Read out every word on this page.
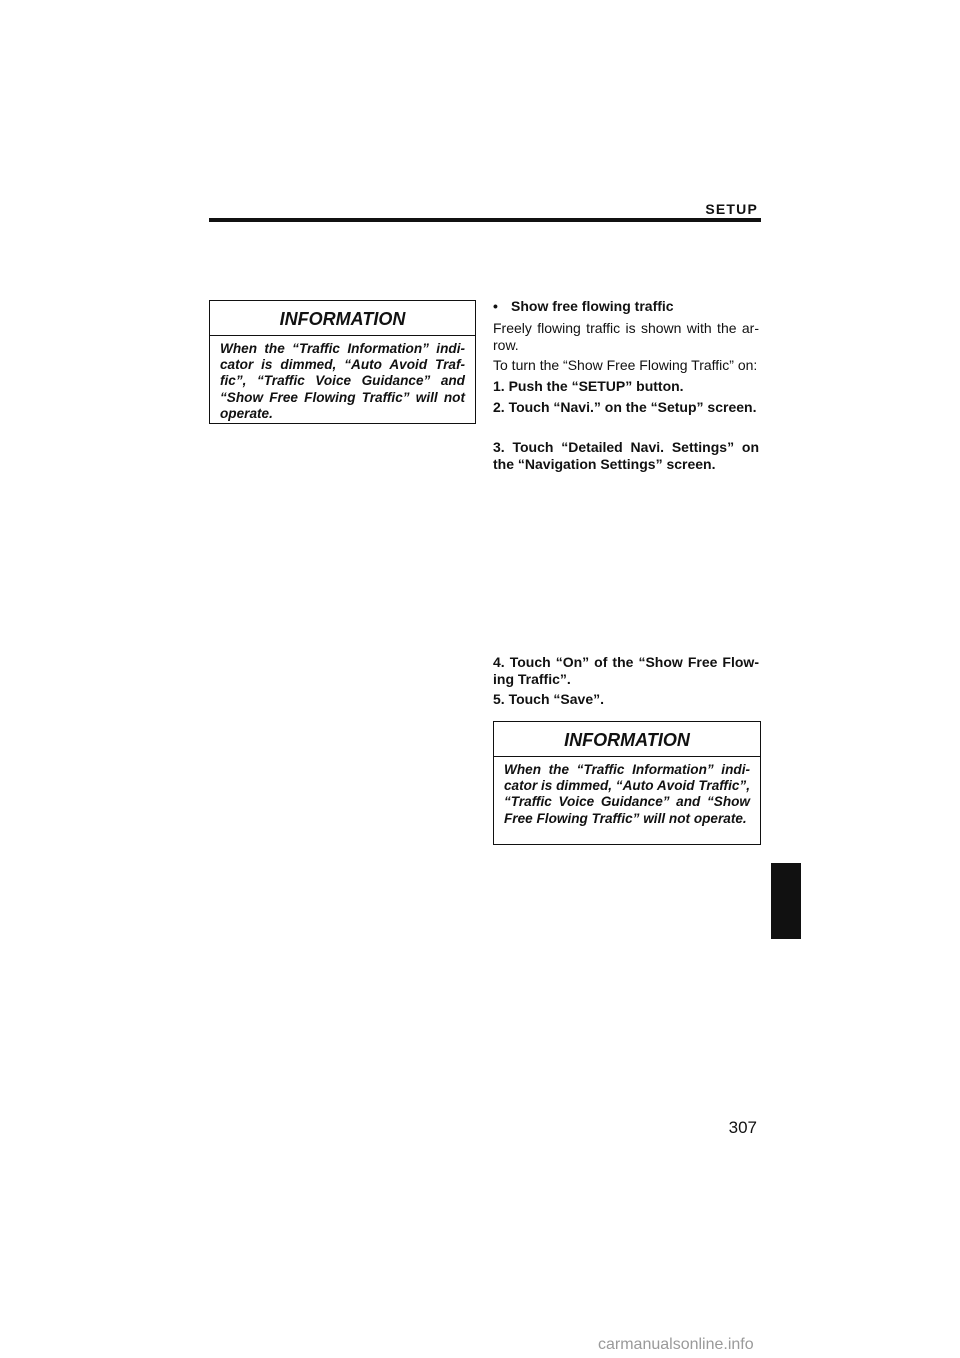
SETUP
INFORMATION
When the “Traffic Information” indicator is dimmed, “Auto Avoid Traffic”, “Traffic Voice Guidance” and “Show Free Flowing Traffic” will not operate.
• Show free flowing traffic
Freely flowing traffic is shown with the arrow.
To turn the “Show Free Flowing Traffic” on:
1. Push the “SETUP” button.
2. Touch “Navi.” on the “Setup” screen.
3. Touch “Detailed Navi. Settings” on the “Navigation Settings” screen.
4. Touch “On” of the “Show Free Flowing Traffic”.
5. Touch “Save”.
INFORMATION
When the “Traffic Information” indicator is dimmed, “Auto Avoid Traffic”, “Traffic Voice Guidance” and “Show Free Flowing Traffic” will not operate.
307
carmanualsonline.info
